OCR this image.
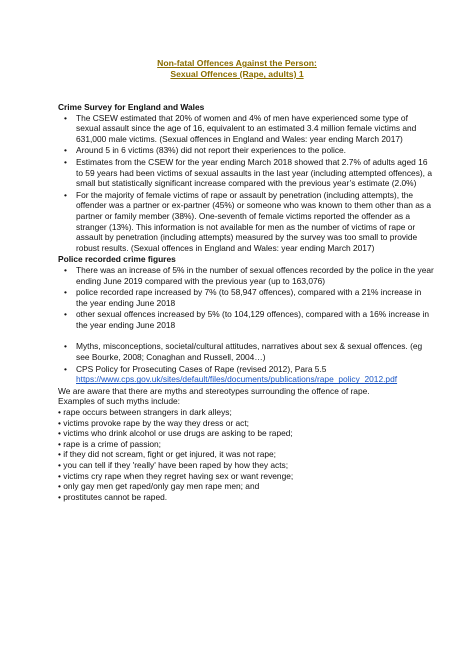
Non-fatal Offences Against the Person:
Sexual Offences (Rape, adults) 1
Crime Survey for England and Wales
• The CSEW estimated that 20% of women and 4% of men have experienced some type of sexual assault since the age of 16, equivalent to an estimated 3.4 million female victims and 631,000 male victims. (Sexual offences in England and Wales: year ending March 2017)
• Around 5 in 6 victims (83%) did not report their experiences to the police.
• Estimates from the CSEW for the year ending March 2018 showed that 2.7% of adults aged 16 to 59 years had been victims of sexual assaults in the last year (including attempted offences), a small but statistically significant increase compared with the previous year’s estimate (2.0%)
• For the majority of female victims of rape or assault by penetration (including attempts), the offender was a partner or ex-partner (45%) or someone who was known to them other than as a partner or family member (38%). One-seventh of female victims reported the offender as a stranger (13%). This information is not available for men as the number of victims of rape or assault by penetration (including attempts) measured by the survey was too small to provide robust results. (Sexual offences in England and Wales: year ending March 2017)
Police recorded crime figures
• There was an increase of 5% in the number of sexual offences recorded by the police in the year ending June 2019 compared with the previous year (up to 163,076)
• police recorded rape increased by 7% (to 58,947 offences), compared with a 21% increase in the year ending June 2018
• other sexual offences increased by 5% (to 104,129 offences), compared with a 16% increase in the year ending June 2018
• Myths, misconceptions, societal/cultural attitudes, narratives about sex & sexual offences. (eg see Bourke, 2008; Conaghan and Russell, 2004…)
• CPS Policy for Prosecuting Cases of Rape (revised 2012), Para 5.5
https://www.cps.gov.uk/sites/default/files/documents/publications/rape_policy_2012.pdf

We are aware that there are myths and stereotypes surrounding the offence of rape.

Examples of such myths include:

• rape occurs between strangers in dark alleys;
• victims provoke rape by the way they dress or act;
• victims who drink alcohol or use drugs are asking to be raped;
• rape is a crime of passion;
• if they did not scream, fight or get injured, it was not rape;
• you can tell if they 'really' have been raped by how they acts;
• victims cry rape when they regret having sex or want revenge;
• only gay men get raped/only gay men rape men; and
• prostitutes cannot be raped.
